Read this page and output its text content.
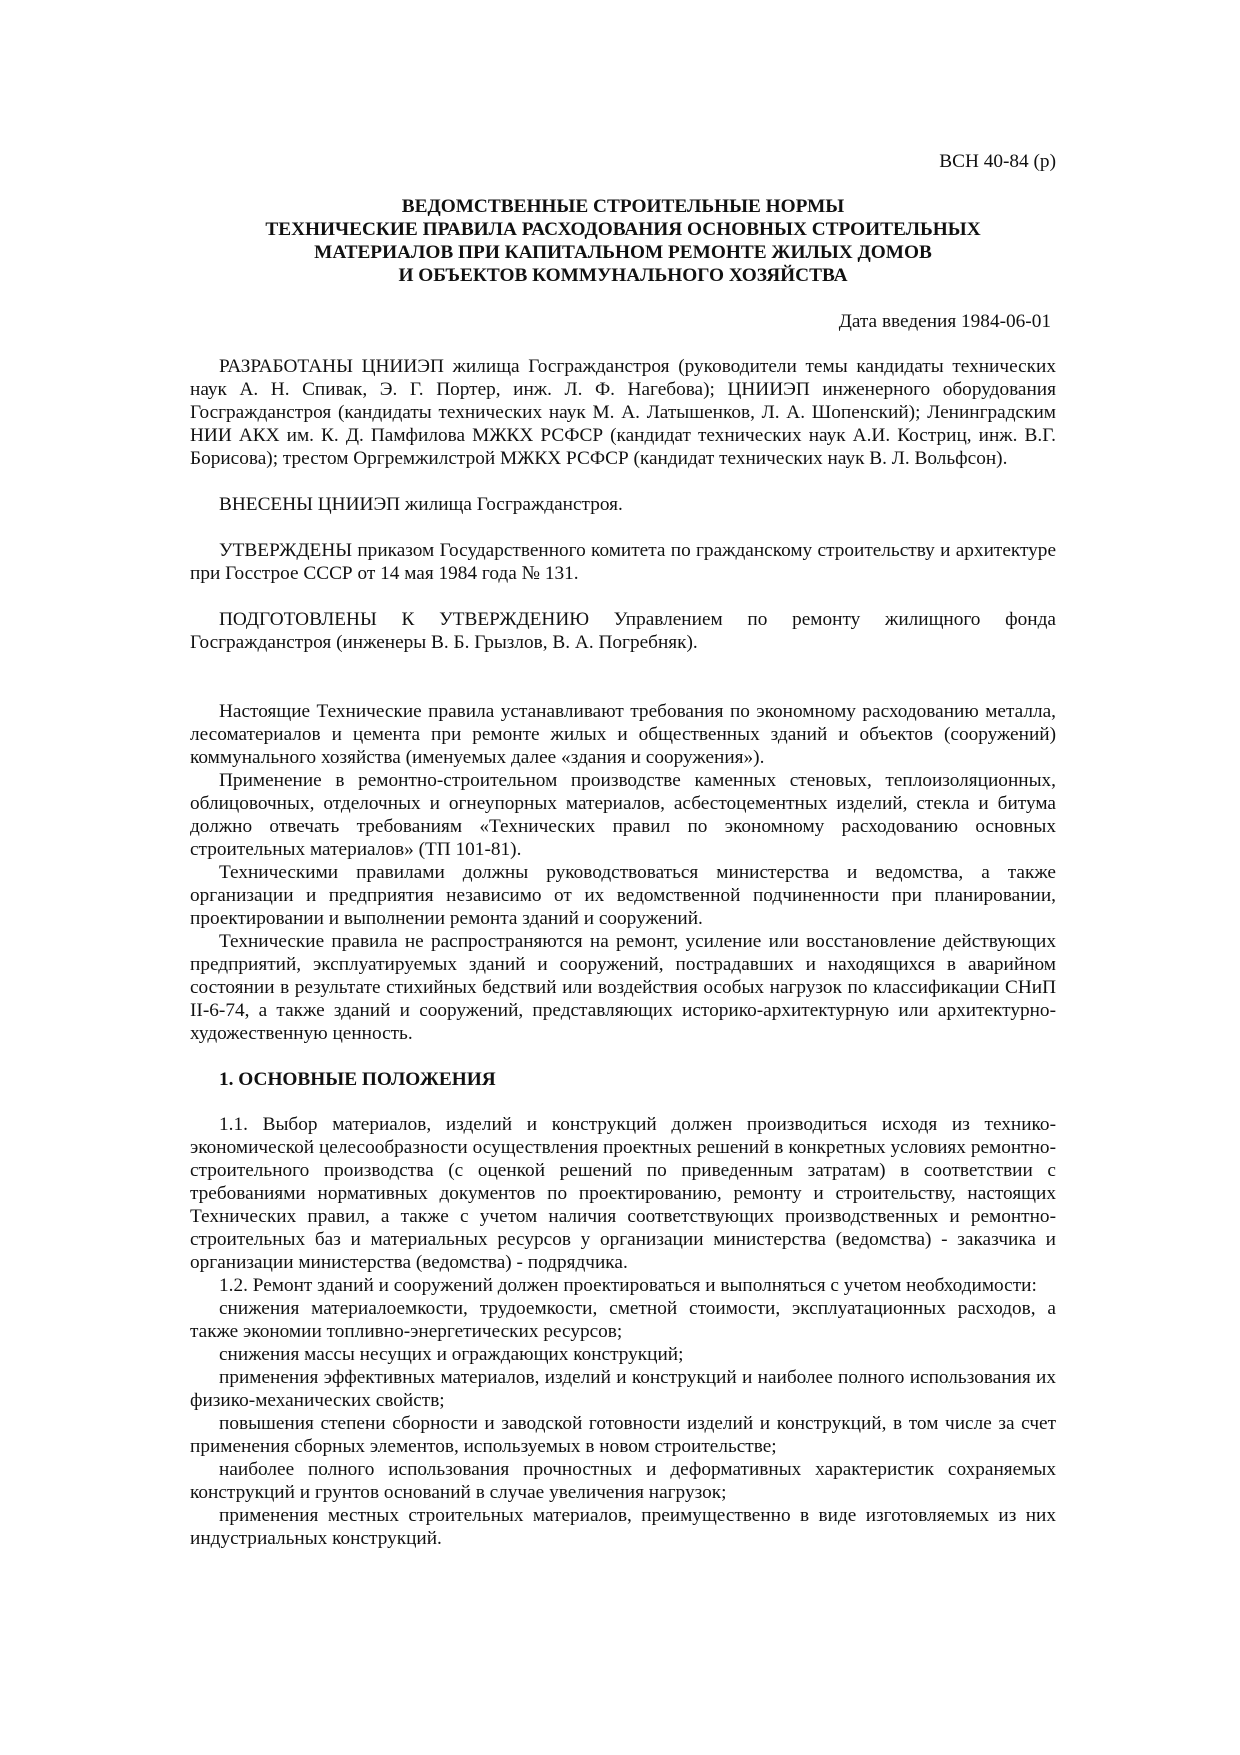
ВСН 40-84 (р)
ВЕДОМСТВЕННЫЕ СТРОИТЕЛЬНЫЕ НОРМЫ
ТЕХНИЧЕСКИЕ ПРАВИЛА РАСХОДОВАНИЯ ОСНОВНЫХ СТРОИТЕЛЬНЫХ
МАТЕРИАЛОВ ПРИ КАПИТАЛЬНОМ РЕМОНТЕ ЖИЛЫХ ДОМОВ
И ОБЪЕКТОВ КОММУНАЛЬНОГО ХОЗЯЙСТВА
Дата введения 1984-06-01

РАЗРАБОТАНЫ ЦНИИЭП жилища Госгражданстроя (руководители темы кандидаты технических наук А. Н. Спивак, Э. Г. Портер, инж. Л. Ф. Нагебова); ЦНИИЭП инженерного оборудования Госгражданстроя (кандидаты технических наук М. А. Латышенков, Л. А. Шопенский); Ленинградским НИИ АКХ им. К. Д. Памфилова МЖКХ РСФСР (кандидат технических наук А.И. Костриц, инж. В.Г. Борисова); трестом Оргремжилстрой МЖКХ РСФСР (кандидат технических наук В. Л. Вольфсон).

ВНЕСЕНЫ ЦНИИЭП жилища Госгражданстроя.

УТВЕРЖДЕНЫ приказом Государственного комитета по гражданскому строительству и архитектуре при Госстрое СССР от 14 мая 1984 года № 131.

ПОДГОТОВЛЕНЫ К УТВЕРЖДЕНИЮ Управлением по ремонту жилищного фонда Госгражданстроя (инженеры В. Б. Грызлов, В. А. Погребняк).

Настоящие Технические правила устанавливают требования по экономному расходованию металла, лесоматериалов и цемента при ремонте жилых и общественных зданий и объектов (сооружений) коммунального хозяйства (именуемых далее «здания и сооружения»).

Применение в ремонтно-строительном производстве каменных стеновых, теплоизоляционных, облицовочных, отделочных и огнеупорных материалов, асбестоцементных изделий, стекла и битума должно отвечать требованиям «Технических правил по экономному расходованию основных строительных материалов» (ТП 101-81).

Техническими правилами должны руководствоваться министерства и ведомства, а также организации и предприятия независимо от их ведомственной подчиненности при планировании, проектировании и выполнении ремонта зданий и сооружений.

Технические правила не распространяются на ремонт, усиление или восстановление действующих предприятий, эксплуатируемых зданий и сооружений, пострадавших и находящихся в аварийном состоянии в результате стихийных бедствий или воздействия особых нагрузок по классификации СНиП II-6-74, а также зданий и сооружений, представляющих историко-архитектурную или архитектурно-художественную ценность.

1. ОСНОВНЫЕ ПОЛОЖЕНИЯ

1.1. Выбор материалов, изделий и конструкций должен производиться исходя из технико-экономической целесообразности осуществления проектных решений в конкретных условиях ремонтно-строительного производства (с оценкой решений по приведенным затратам) в соответствии с требованиями нормативных документов по проектированию, ремонту и строительству, настоящих Технических правил, а также с учетом наличия соответствующих производственных и ремонтно-строительных баз и материальных ресурсов у организации министерства (ведомства) - заказчика и организации министерства (ведомства) - подрядчика.

1.2. Ремонт зданий и сооружений должен проектироваться и выполняться с учетом необходимости:

снижения материалоемкости, трудоемкости, сметной стоимости, эксплуатационных расходов, а также экономии топливно-энергетических ресурсов;

снижения массы несущих и ограждающих конструкций;

применения эффективных материалов, изделий и конструкций и наиболее полного использования их физико-механических свойств;

повышения степени сборности и заводской готовности изделий и конструкций, в том числе за счет применения сборных элементов, используемых в новом строительстве;

наиболее полного использования прочностных и деформативных характеристик сохраняемых конструкций и грунтов оснований в случае увеличения нагрузок;

применения местных строительных материалов, преимущественно в виде изготовляемых из них индустриальных конструкций.
